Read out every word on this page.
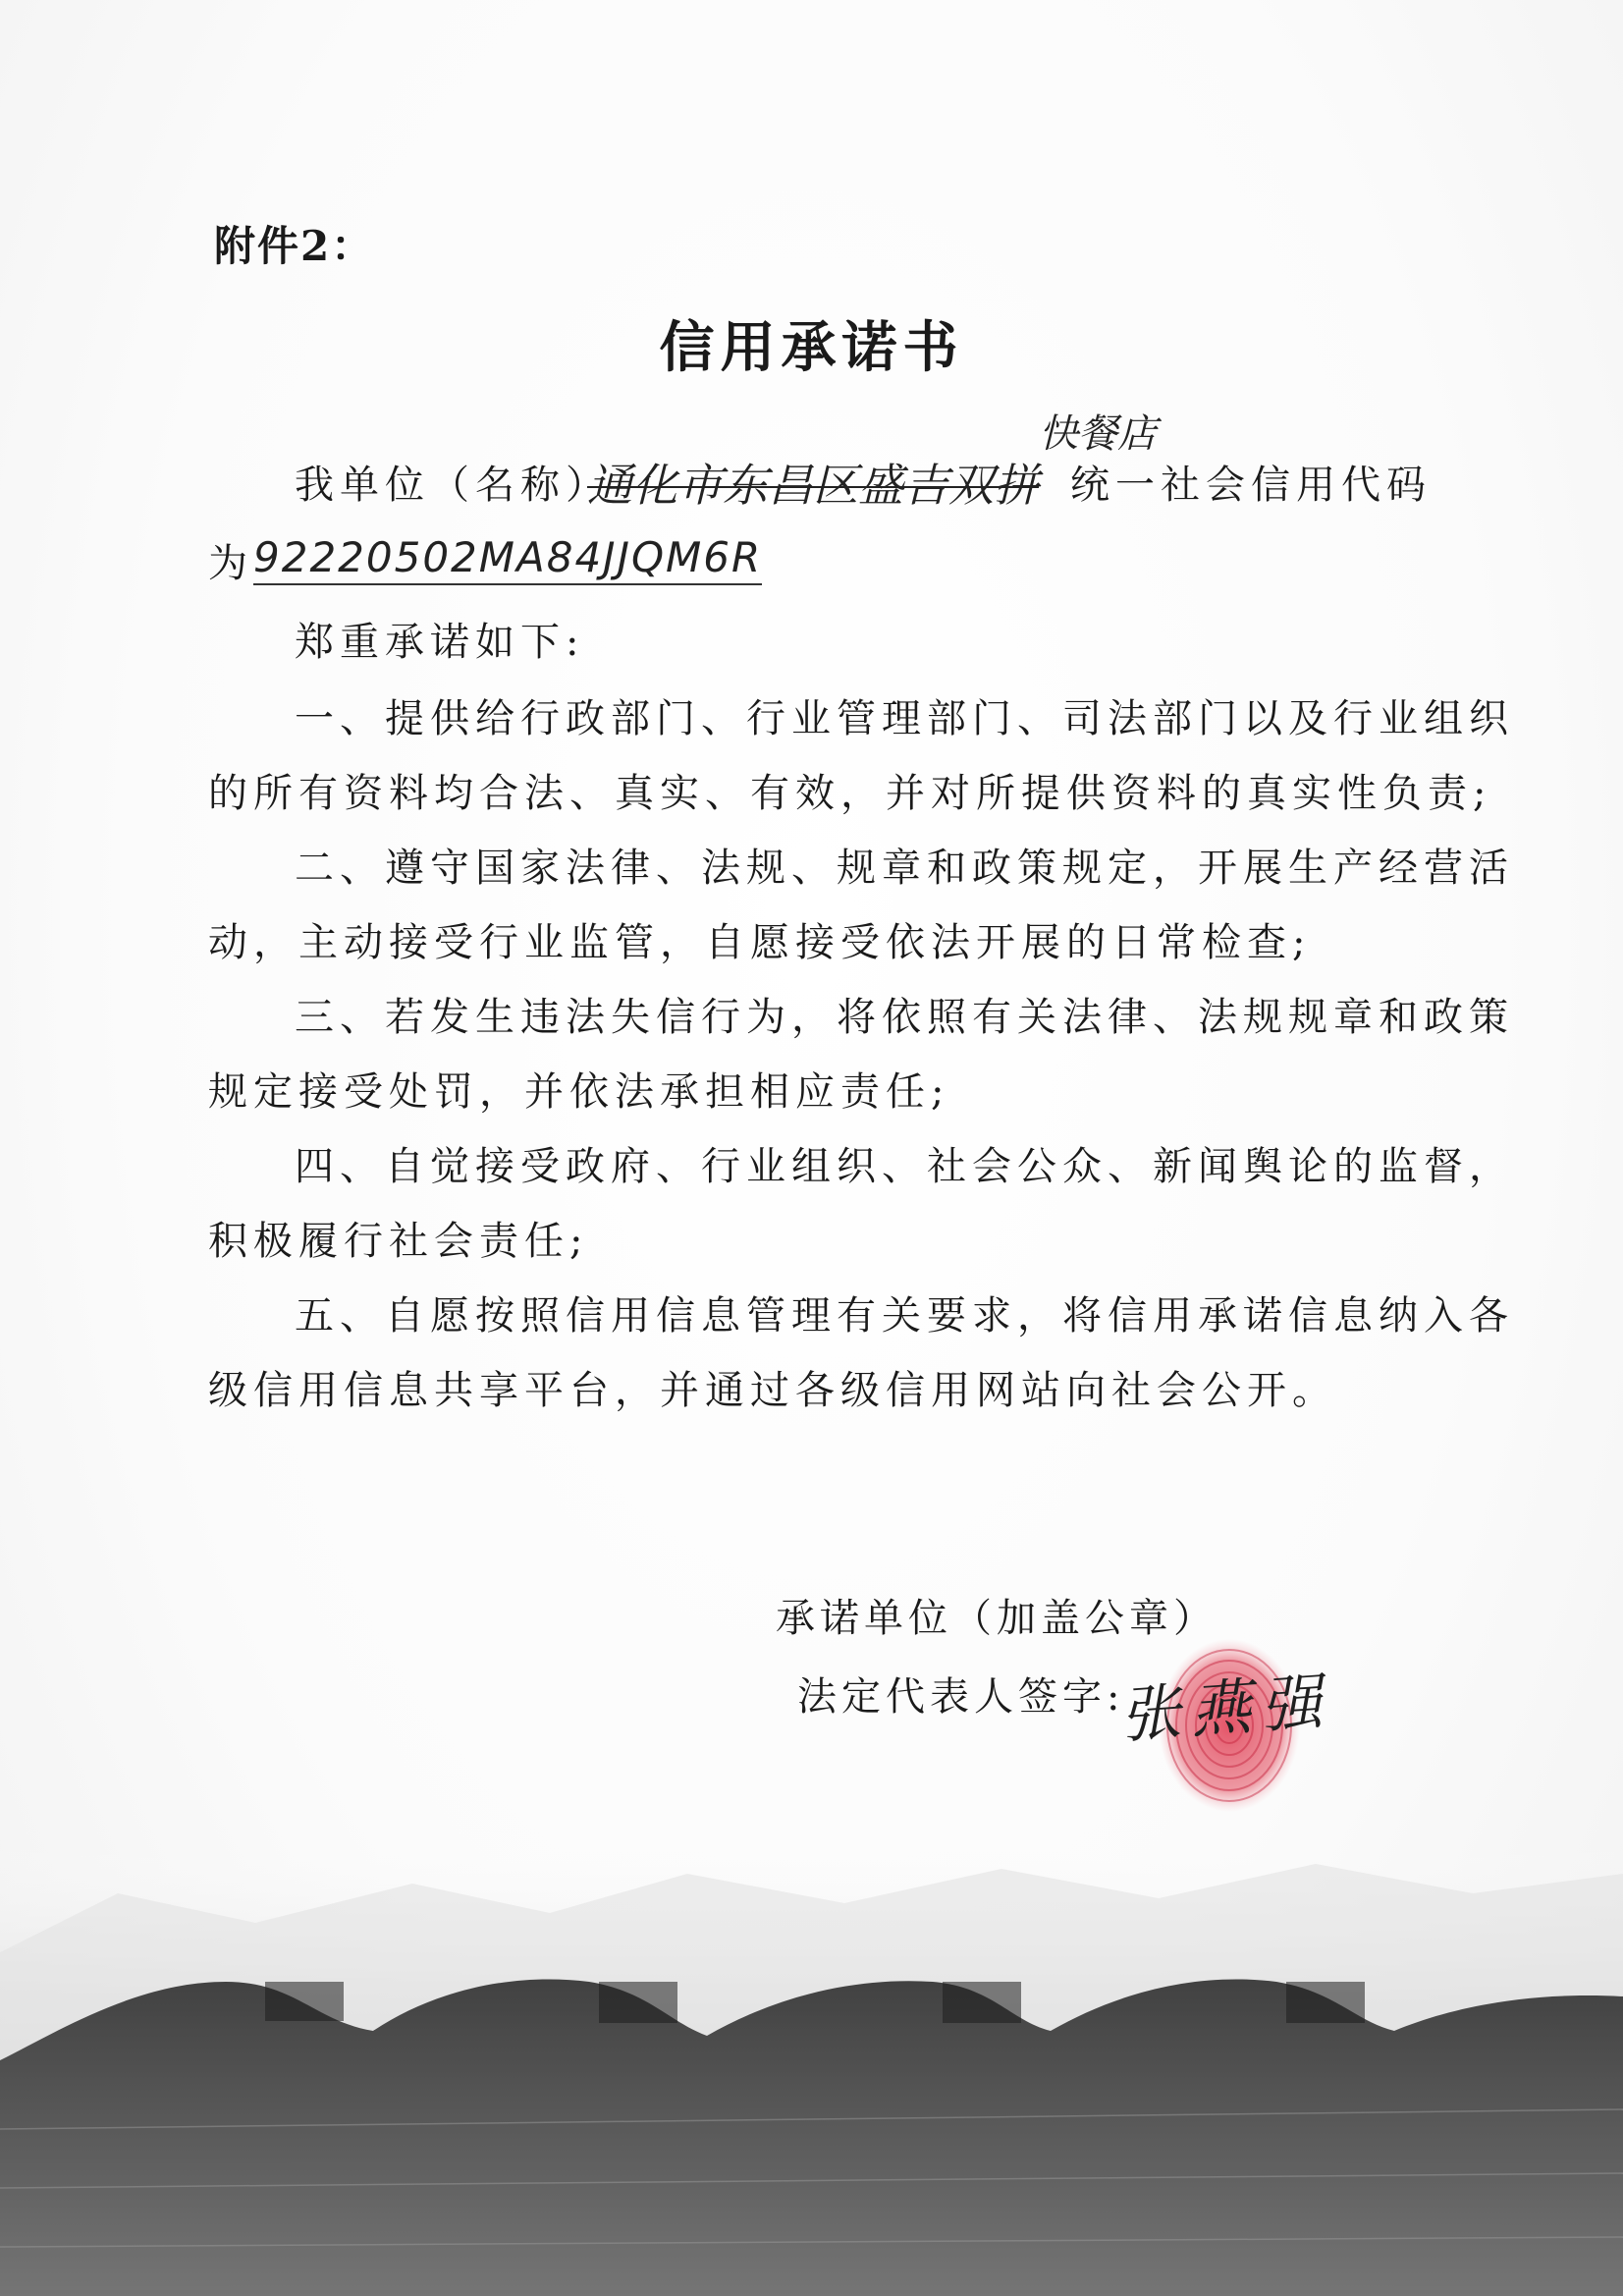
附件2：
信用承诺书
我单位（名称）	统一社会信用代码
通化市东昌区盛吉双拼
快餐店
为 92220502MA84JJQM6R
郑重承诺如下:
一、提供给行政部门、行业管理部门、司法部门以及行业组织
的所有资料均合法、真实、有效，并对所提供资料的真实性负责;
二、遵守国家法律、法规、规章和政策规定，开展生产经营活
动，主动接受行业监管，自愿接受依法开展的日常检查;
三、若发生违法失信行为，将依照有关法律、法规规章和政策
规定接受处罚，并依法承担相应责任;
四、自觉接受政府、行业组织、社会公众、新闻舆论的监督，
积极履行社会责任;
五、自愿按照信用信息管理有关要求，将信用承诺信息纳入各
级信用信息共享平台，并通过各级信用网站向社会公开。
承诺单位（加盖公章）
法定代表人签字:
张燕强
